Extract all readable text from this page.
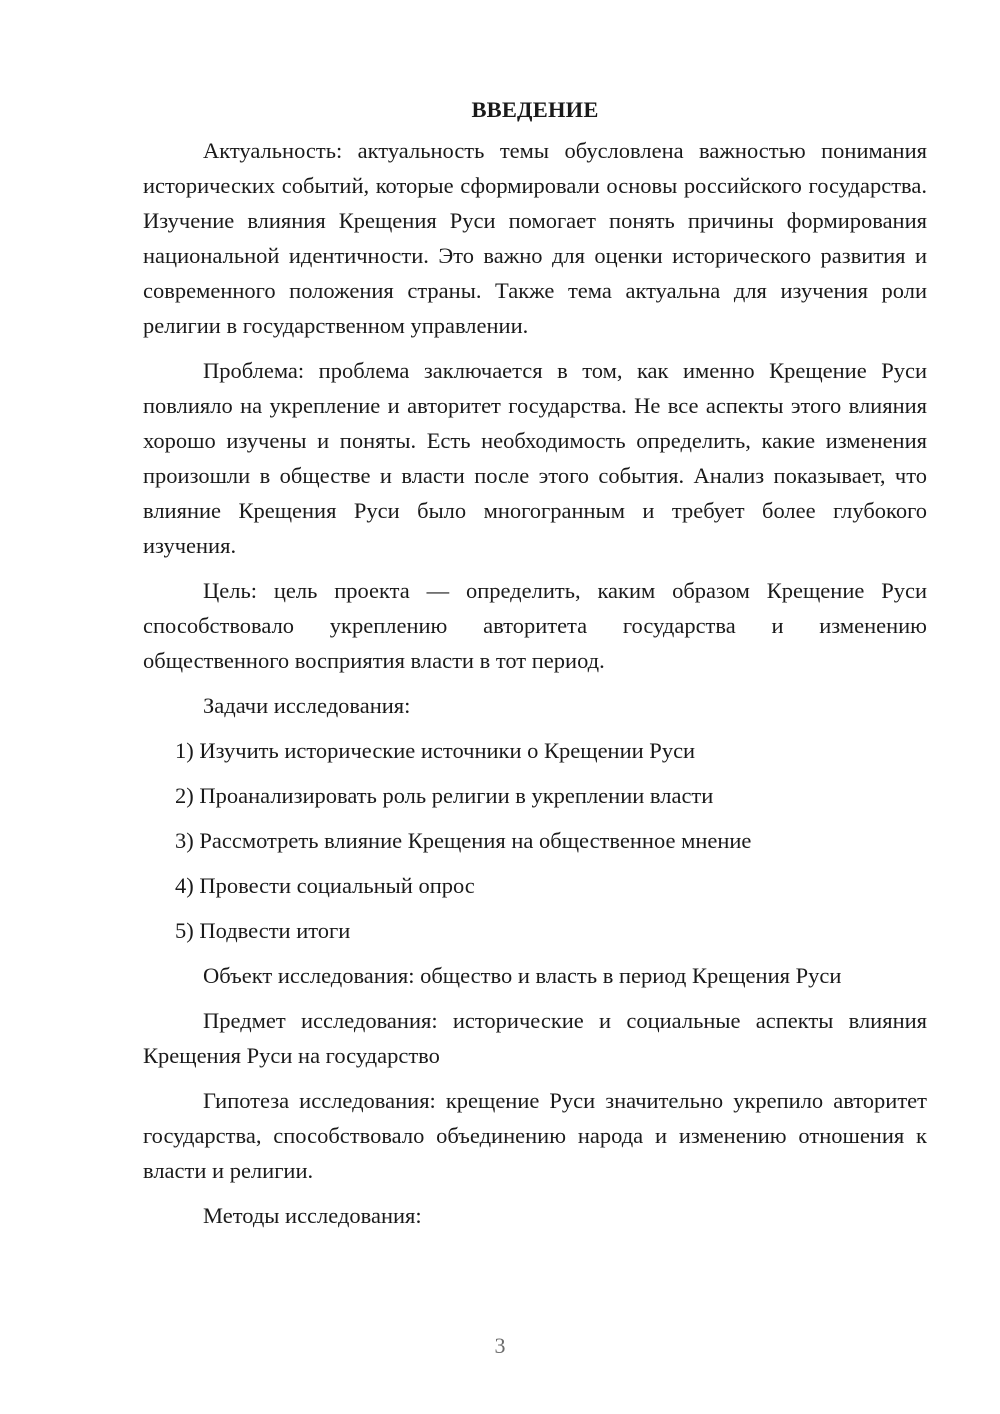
ВВЕДЕНИЕ

Актуальность: актуальность темы обусловлена важностью понимания исторических событий, которые сформировали основы российского государства. Изучение влияния Крещения Руси помогает понять причины формирования национальной идентичности. Это важно для оценки исторического развития и современного положения страны. Также тема актуальна для изучения роли религии в государственном управлении.

Проблема: проблема заключается в том, как именно Крещение Руси повлияло на укрепление и авторитет государства. Не все аспекты этого влияния хорошо изучены и поняты. Есть необходимость определить, какие изменения произошли в обществе и власти после этого события. Анализ показывает, что влияние Крещения Руси было многогранным и требует более глубокого изучения.

Цель: цель проекта — определить, каким образом Крещение Руси способствовало укреплению авторитета государства и изменению общественного восприятия власти в тот период.

Задачи исследования:

1) Изучить исторические источники о Крещении Руси

2) Проанализировать роль религии в укреплении власти

3) Рассмотреть влияние Крещения на общественное мнение

4) Провести социальный опрос

5) Подвести итоги

Объект исследования: общество и власть в период Крещения Руси

Предмет исследования: исторические и социальные аспекты влияния Крещения Руси на государство

Гипотеза исследования: крещение Руси значительно укрепило авторитет государства, способствовало объединению народа и изменению отношения к власти и религии.

Методы исследования:

3
